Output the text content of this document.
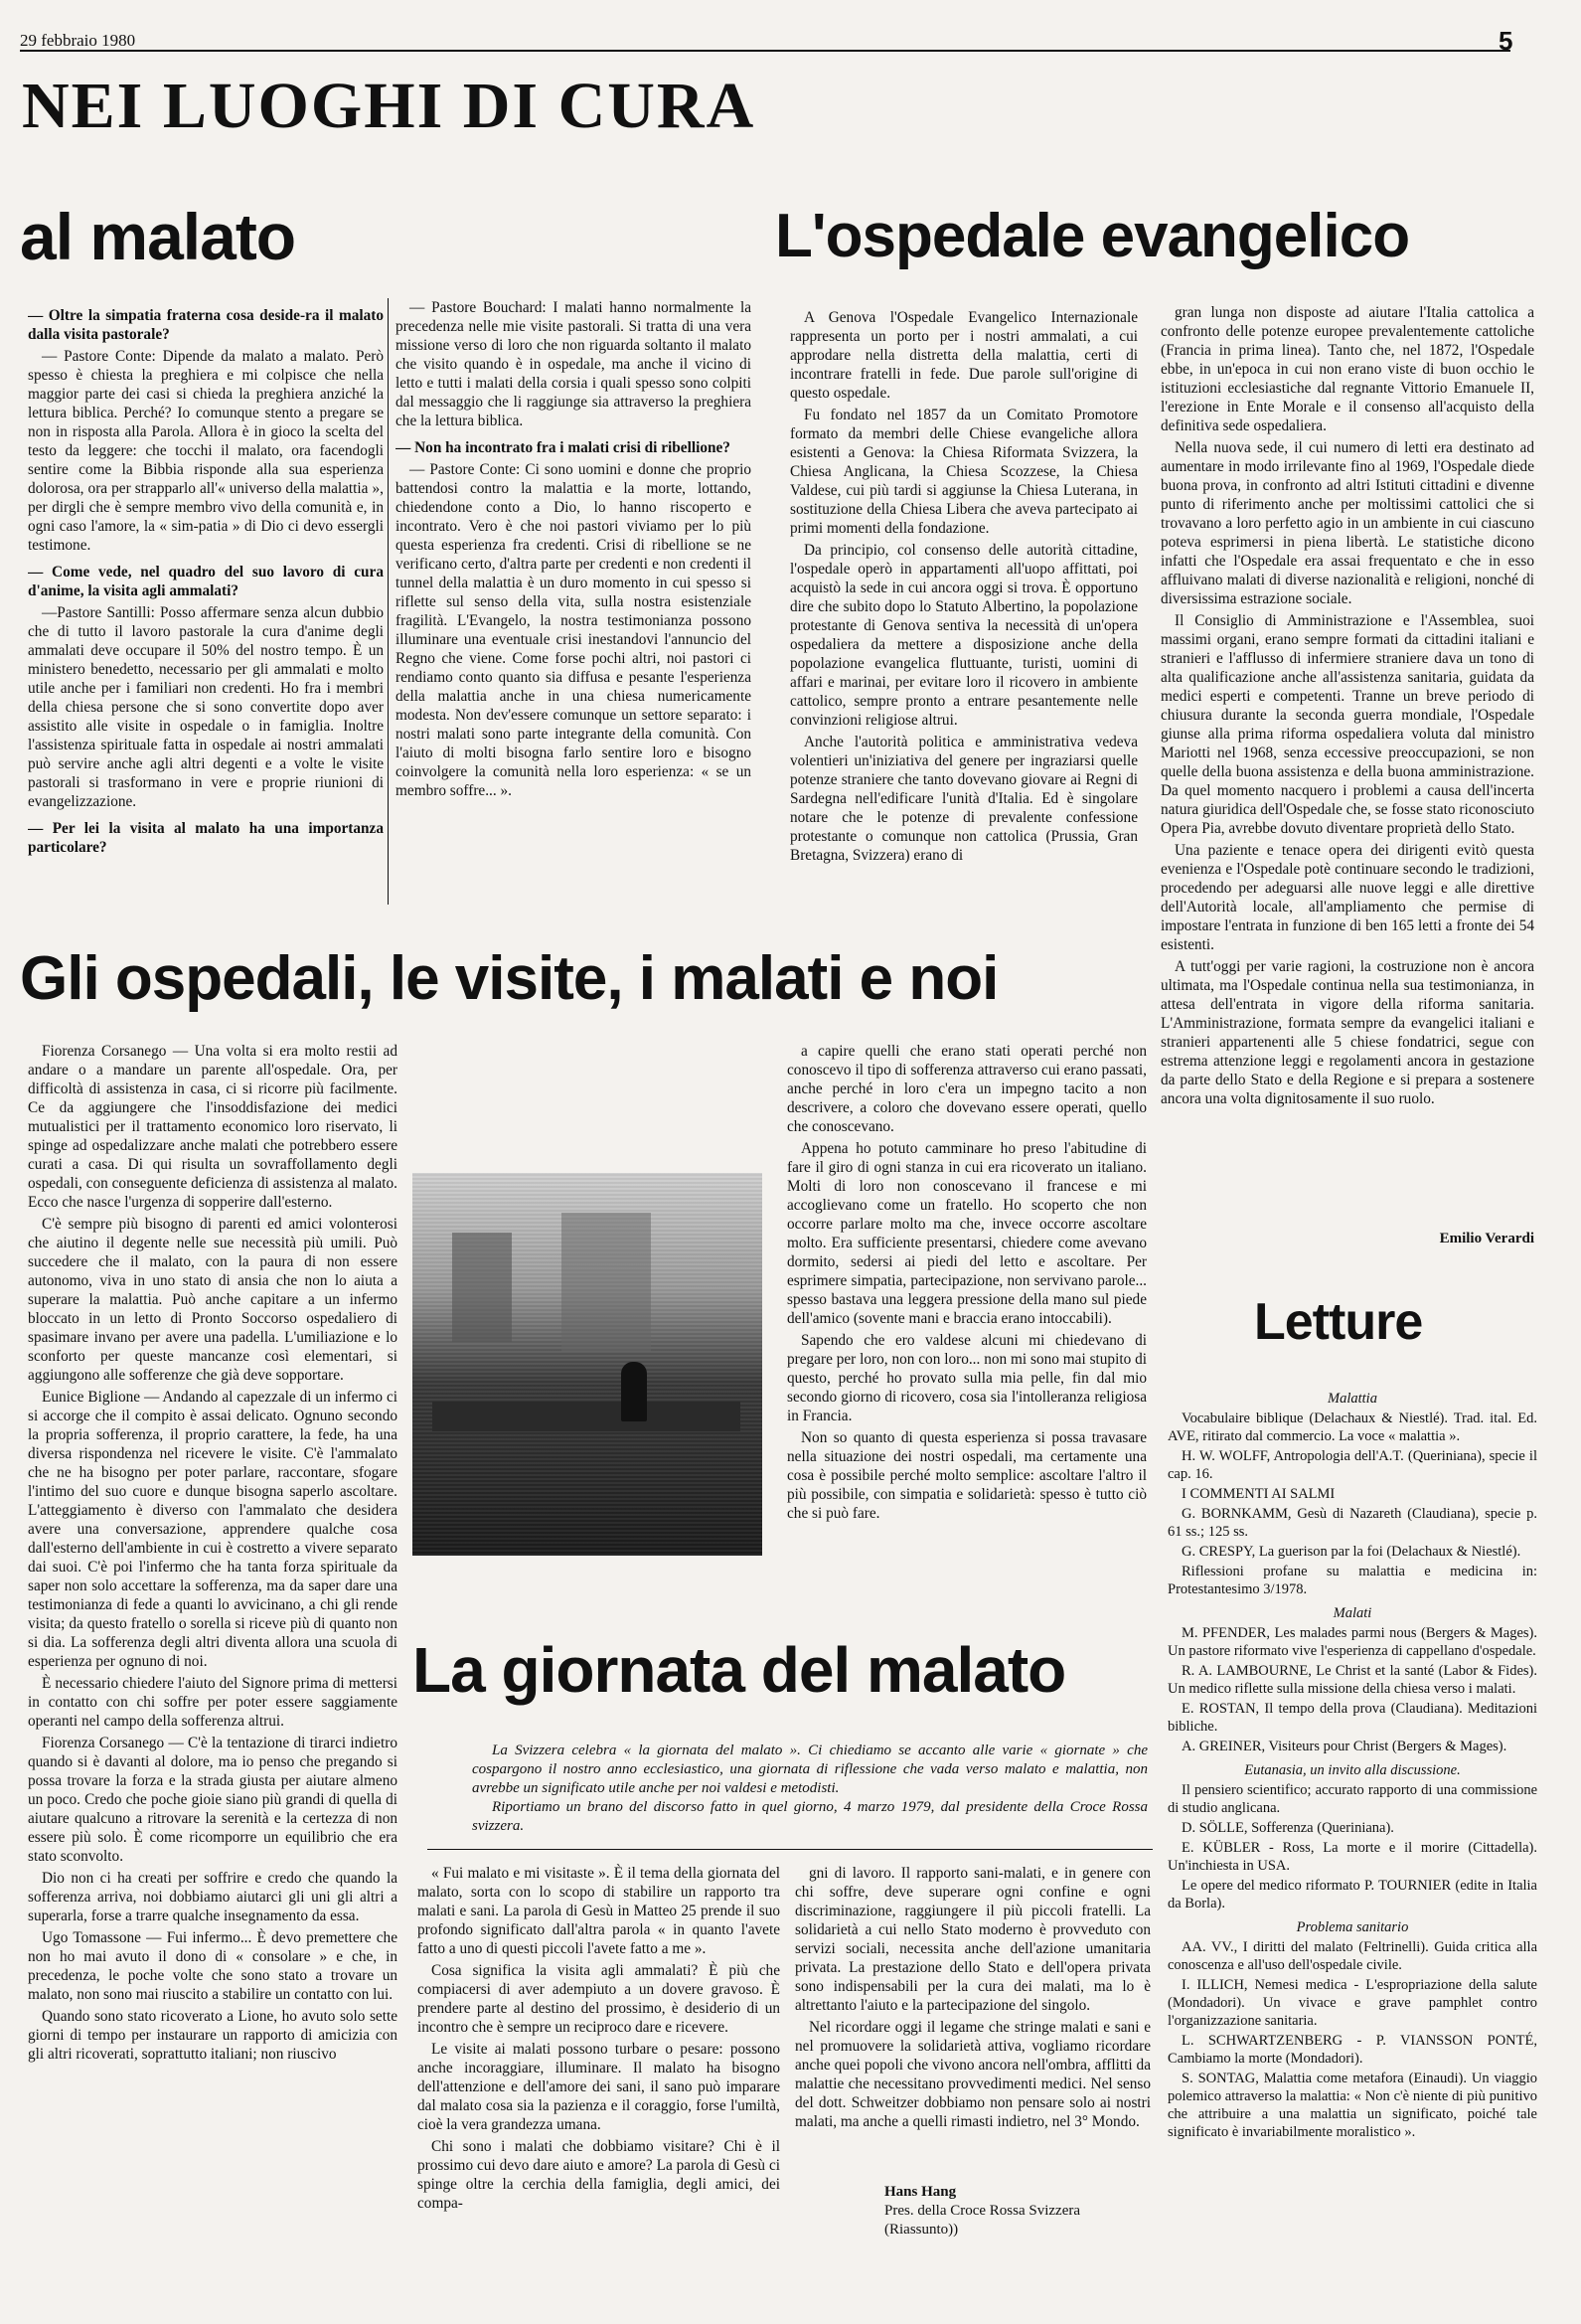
29 febbraio 1980	5
NEI LUOGHI DI CURA
al malato

— Oltre la simpatia fraterna cosa deside-ra il malato dalla visita pastorale?

— Pastore Conte: Dipende da malato a malato. Però spesso è chiesta la preghiera e mi colpisce che nella maggior parte dei casi si chieda la preghiera anziché la lettura biblica. Perché? Io comunque stento a pregare se non in risposta alla Parola. Allora è in gioco la scelta del testo da leggere: che tocchi il malato, ora facendogli sentire come la Bibbia risponde alla sua esperienza dolorosa, ora per strapparlo all'« universo della malattia », per dirgli che è sempre membro vivo della comunità e, in ogni caso l'amore, la « sim-patia » di Dio ci devo essergli testimone.

— Come vede, nel quadro del suo lavoro di cura d'anime, la visita agli ammalati?

—Pastore Santilli: Posso affermare senza alcun dubbio che di tutto il lavoro pastorale la cura d'anime degli ammalati deve occupare il 50% del nostro tempo. È un ministero benedetto, necessario per gli ammalati e molto utile anche per i familiari non credenti. Ho fra i membri della chiesa persone che si sono convertite dopo aver assistito alle visite in ospedale o in famiglia. Inoltre l'assistenza spirituale fatta in ospedale ai nostri ammalati può servire anche agli altri degenti e a volte le visite pastorali si trasformano in vere e proprie riunioni di evangelizzazione.

— Per lei la visita al malato ha una importanza particolare?

— Pastore Bouchard: I malati hanno normalmente la precedenza nelle mie visite pastorali. Si tratta di una vera missione verso di loro che non riguarda soltanto il malato che visito quando è in ospedale, ma anche il vicino di letto e tutti i malati della corsia i quali spesso sono colpiti dal messaggio che li raggiunge sia attraverso la preghiera che la lettura biblica.

— Non ha incontrato fra i malati crisi di ribellione?

— Pastore Conte: Ci sono uomini e donne che proprio battendosi contro la malattia e la morte, lottando, chiedendone conto a Dio, lo hanno riscoperto e incontrato. Vero è che noi pastori viviamo per lo più questa esperienza fra credenti. Crisi di ribellione se ne verificano certo, d'altra parte per credenti e non credenti il tunnel della malattia è un duro momento in cui spesso si riflette sul senso della vita, sulla nostra esistenziale fragilità. L'Evangelo, la nostra testimonianza possono illuminare una eventuale crisi inestandovi l'annuncio del Regno che viene. Come forse pochi altri, noi pastori ci rendiamo conto quanto sia diffusa e pesante l'esperienza della malattia anche in una chiesa numericamente modesta. Non dev'essere comunque un settore separato: i nostri malati sono parte integrante della comunità. Con l'aiuto di molti bisogna farlo sentire loro e bisogno coinvolgere la comunità nella loro esperienza: « se un membro soffre... ».

L'ospedale evangelico

A Genova l'Ospedale Evangelico Internazionale rappresenta un porto per i nostri ammalati, a cui approdare nella distretta della malattia, certi di incontrare fratelli in fede. Due parole sull'origine di questo ospedale.

Fu fondato nel 1857 da un Comitato Promotore formato da membri delle Chiese evangeliche allora esistenti a Genova: la Chiesa Riformata Svizzera, la Chiesa Anglicana, la Chiesa Scozzese, la Chiesa Valdese, cui più tardi si aggiunse la Chiesa Luterana, in sostituzione della Chiesa Libera che aveva partecipato ai primi momenti della fondazione.

Da principio, col consenso delle autorità cittadine, l'ospedale operò in appartamenti all'uopo affittati, poi acquistò la sede in cui ancora oggi si trova. È opportuno dire che subito dopo lo Statuto Albertino, la popolazione protestante di Genova sentiva la necessità di un'opera ospedaliera da mettere a disposizione anche della popolazione evangelica fluttuante, turisti, uomini di affari e marinai, per evitare loro il ricovero in ambiente cattolico, sempre pronto a entrare pesantemente nelle convinzioni religiose altrui.

Anche l'autorità politica e amministrativa vedeva volentieri un'iniziativa del genere per ingraziarsi quelle potenze straniere che tanto dovevano giovare ai Regni di Sardegna nell'edificare l'unità d'Italia. Ed è singolare notare che le potenze di prevalente confessione protestante o comunque non cattolica (Prussia, Gran Bretagna, Svizzera) erano di

gran lunga non disposte ad aiutare l'Italia cattolica a confronto delle potenze europee prevalentemente cattoliche (Francia in prima linea). Tanto che, nel 1872, l'Ospedale ebbe, in un'epoca in cui non erano viste di buon occhio le istituzioni ecclesiastiche dal regnante Vittorio Emanuele II, l'erezione in Ente Morale e il consenso all'acquisto della definitiva sede ospedaliera.

Nella nuova sede, il cui numero di letti era destinato ad aumentare in modo irrilevante fino al 1969, l'Ospedale diede buona prova, in confronto ad altri Istituti cittadini e divenne punto di riferimento anche per moltissimi cattolici che si trovavano a loro perfetto agio in un ambiente in cui ciascuno poteva esprimersi in piena libertà. Le statistiche dicono infatti che l'Ospedale era assai frequentato e che in esso affluivano malati di diverse nazionalità e religioni, nonché di diversissima estrazione sociale.

Il Consiglio di Amministrazione e l'Assemblea, suoi massimi organi, erano sempre formati da cittadini italiani e stranieri e l'afflusso di infermiere straniere dava un tono di alta qualificazione anche all'assistenza sanitaria, guidata da medici esperti e competenti. Tranne un breve periodo di chiusura durante la seconda guerra mondiale, l'Ospedale giunse alla prima riforma ospedaliera voluta dal ministro Mariotti nel 1968, senza eccessive preoccupazioni, se non quelle della buona assistenza e della buona amministrazione. Da quel momento nacquero i problemi a causa dell'incerta natura giuridica dell'Ospedale che, se fosse stato riconosciuto Opera Pia, avrebbe dovuto diventare proprietà dello Stato.

Una paziente e tenace opera dei dirigenti evitò questa evenienza e l'Ospedale potè continuare secondo le tradizioni, procedendo per adeguarsi alle nuove leggi e alle direttive dell'Autorità locale, all'ampliamento che permise di impostare l'entrata in funzione di ben 165 letti a fronte dei 54 esistenti.

A tutt'oggi per varie ragioni, la costruzione non è ancora ultimata, ma l'Ospedale continua nella sua testimonianza, in attesa dell'entrata in vigore della riforma sanitaria. L'Amministrazione, formata sempre da evangelici italiani e stranieri appartenenti alle 5 chiese fondatrici, segue con estrema attenzione leggi e regolamenti ancora in gestazione da parte dello Stato e della Regione e si prepara a sostenere ancora una volta dignitosamente il suo ruolo.

Emilio Verardi
Gli ospedali, le visite, i malati e noi

Fiorenza Corsanego — Una volta si era molto restii ad andare o a mandare un parente all'ospedale. Ora, per difficoltà di assistenza in casa, ci si ricorre più facilmente. Ce da aggiungere che l'insoddisfazione dei medici mutualistici per il trattamento economico loro riservato, li spinge ad ospedalizzare anche malati che potrebbero essere curati a casa. Di qui risulta un sovraffollamento degli ospedali, con conseguente deficienza di assistenza al malato. Ecco che nasce l'urgenza di sopperire dall'esterno.

C'è sempre più bisogno di parenti ed amici volonterosi che aiutino il degente nelle sue necessità più umili. Può succedere che il malato, con la paura di non essere autonomo, viva in uno stato di ansia che non lo aiuta a superare la malattia. Può anche capitare a un infermo bloccato in un letto di Pronto Soccorso ospedaliero di spasimare invano per avere una padella. L'umiliazione e lo sconforto per queste mancanze così elementari, si aggiungono alle sofferenze che già deve sopportare.

Eunice Biglione — Andando al capezzale di un infermo ci si accorge che il compito è assai delicato. Ognuno secondo la propria sofferenza, il proprio carattere, la fede, ha una diversa rispondenza nel ricevere le visite. C'è l'ammalato che ne ha bisogno per poter parlare, raccontare, sfogare l'intimo del suo cuore e dunque bisogna saperlo ascoltare. L'atteggiamento è diverso con l'ammalato che desidera avere una conversazione, apprendere qualche cosa dall'esterno dell'ambiente in cui è costretto a vivere separato dai suoi. C'è poi l'infermo che ha tanta forza spirituale da saper non solo accettare la sofferenza, ma da saper dare una testimonianza di fede a quanti lo avvicinano, a chi gli rende visita; da questo fratello o sorella si riceve più di quanto non si dia. La sofferenza degli altri diventa allora una scuola di esperienza per ognuno di noi.

È necessario chiedere l'aiuto del Signore prima di mettersi in contatto con chi soffre per poter essere saggiamente operanti nel campo della sofferenza altrui.

Fiorenza Corsanego — C'è la tentazione di tirarci indietro quando si è davanti al dolore, ma io penso che pregando si possa trovare la forza e la strada giusta per aiutare almeno un poco. Credo che poche gioie siano più grandi di quella di aiutare qualcuno a ritrovare la serenità e la certezza di non essere più solo. È come ricomporre un equilibrio che era stato sconvolto.

Dio non ci ha creati per soffrire e credo che quando la sofferenza arriva, noi dobbiamo aiutarci gli uni gli altri a superarla, forse a trarre qualche insegnamento da essa.

Ugo Tomassone — Fui infermo... È devo premettere che non ho mai avuto il dono di « consolare » e che, in precedenza, le poche volte che sono stato a trovare un malato, non sono mai riuscito a stabilire un contatto con lui.

Quando sono stato ricoverato a Lione, ho avuto solo sette giorni di tempo per instaurare un rapporto di amicizia con gli altri ricoverati, soprattutto italiani; non riuscivo

a capire quelli che erano stati operati perché non conoscevo il tipo di sofferenza attraverso cui erano passati, anche perché in loro c'era un impegno tacito a non descrivere, a coloro che dovevano essere operati, quello che conoscevano.

Appena ho potuto camminare ho preso l'abitudine di fare il giro di ogni stanza in cui era ricoverato un italiano. Molti di loro non conoscevano il francese e mi accoglievano come un fratello. Ho scoperto che non occorre parlare molto ma che, invece occorre ascoltare molto. Era sufficiente presentarsi, chiedere come avevano dormito, sedersi ai piedi del letto e ascoltare. Per esprimere simpatia, partecipazione, non servivano parole... spesso bastava una leggera pressione della mano sul piede dell'amico (sovente mani e braccia erano intoccabili).

Sapendo che ero valdese alcuni mi chiedevano di pregare per loro, non con loro... non mi sono mai stupito di questo, perché ho provato sulla mia pelle, fin dal mio secondo giorno di ricovero, cosa sia l'intolleranza religiosa in Francia.

Non so quanto di questa esperienza si possa travasare nella situazione dei nostri ospedali, ma certamente una cosa è possibile perché molto semplice: ascoltare l'altro il più possibile, con simpatia e solidarietà: spesso è tutto ciò che si può fare.

Letture

Malattia

Vocabulaire biblique (Delachaux & Niestlé). Trad. ital. Ed. AVE, ritirato dal commercio. La voce « malattia ».

H. W. WOLFF, Antropologia dell'A.T. (Queriniana), specie il cap. 16.

I COMMENTI AI SALMI

G. BORNKAMM, Gesù di Nazareth (Claudiana), specie p. 61 ss.; 125 ss.

G. CRESPY, La guerison par la foi (Delachaux & Niestlé).

Riflessioni profane su malattia e medicina in: Protestantesimo 3/1978.

Malati

M. PFENDER, Les malades parmi nous (Bergers & Mages). Un pastore riformato vive l'esperienza di cappellano d'ospedale.

R. A. LAMBOURNE, Le Christ et la santé (Labor & Fides). Un medico riflette sulla missione della chiesa verso i malati.

E. ROSTAN, Il tempo della prova (Claudiana). Meditazioni bibliche.

A. GREINER, Visiteurs pour Christ (Bergers & Mages).

Eutanasia, un invito alla discussione.

Il pensiero scientifico; accurato rapporto di una commissione di studio anglicana.

D. SÖLLE, Sofferenza (Queriniana).

E. KÜBLER - Ross, La morte e il morire (Cittadella). Un'inchiesta in USA.

Le opere del medico riformato P. TOURNIER (edite in Italia da Borla).

Problema sanitario

AA. VV., I diritti del malato (Feltrinelli). Guida critica alla conoscenza e all'uso dell'ospedale civile.

I. ILLICH, Nemesi medica - L'espropriazione della salute (Mondadori). Un vivace e grave pamphlet contro l'organizzazione sanitaria.

L. SCHWARTZENBERG - P. VIANSSON PONTÉ, Cambiamo la morte (Mondadori).

S. SONTAG, Malattia come metafora (Einaudi). Un viaggio polemico attraverso la malattia: « Non c'è niente di più punitivo che attribuire a una malattia un significato, poiché tale significato è invariabilmente moralistico ».

La giornata del malato
La Svizzera celebra « la giornata del malato ». Ci chiediamo se accanto alle varie « giornate » che cospargono il nostro anno ecclesiastico, una giornata di riflessione che vada verso malato e malattia, non avrebbe un significato utile anche per noi valdesi e metodisti.
Riportiamo un brano del discorso fatto in quel giorno, 4 marzo 1979, dal presidente della Croce Rossa svizzera.

« Fui malato e mi visitaste ». È il tema della giornata del malato, sorta con lo scopo di stabilire un rapporto tra malati e sani. La parola di Gesù in Matteo 25 prende il suo profondo significato dall'altra parola « in quanto l'avete fatto a uno di questi piccoli l'avete fatto a me ».

Cosa significa la visita agli ammalati? È più che compiacersi di aver adempiuto a un dovere gravoso. È prendere parte al destino del prossimo, è desiderio di un incontro che è sempre un reciproco dare e ricevere.

Le visite ai malati possono turbare o pesare: possono anche incoraggiare, illuminare. Il malato ha bisogno dell'attenzione e dell'amore dei sani, il sano può imparare dal malato cosa sia la pazienza e il coraggio, forse l'umiltà, cioè la vera grandezza umana.

Chi sono i malati che dobbiamo visitare? Chi è il prossimo cui devo dare aiuto e amore? La parola di Gesù ci spinge oltre la cerchia della famiglia, degli amici, dei compa-

gni di lavoro. Il rapporto sani-malati, e in genere con chi soffre, deve superare ogni confine e ogni discriminazione, raggiungere il più piccoli fratelli. La solidarietà a cui nello Stato moderno è provveduto con servizi sociali, necessita anche dell'azione umanitaria privata. La prestazione dello Stato e dell'opera privata sono indispensabili per la cura dei malati, ma lo è altrettanto l'aiuto e la partecipazione del singolo.

Nel ricordare oggi il legame che stringe malati e sani e nel promuovere la solidarietà attiva, vogliamo ricordare anche quei popoli che vivono ancora nell'ombra, afflitti da malattie che necessitano provvedimenti medici. Nel senso del dott. Schweitzer dobbiamo non pensare solo ai nostri malati, ma anche a quelli rimasti indietro, nel 3° Mondo.

Hans Hang
Pres. della Croce Rossa Svizzera
(Riassunto))
